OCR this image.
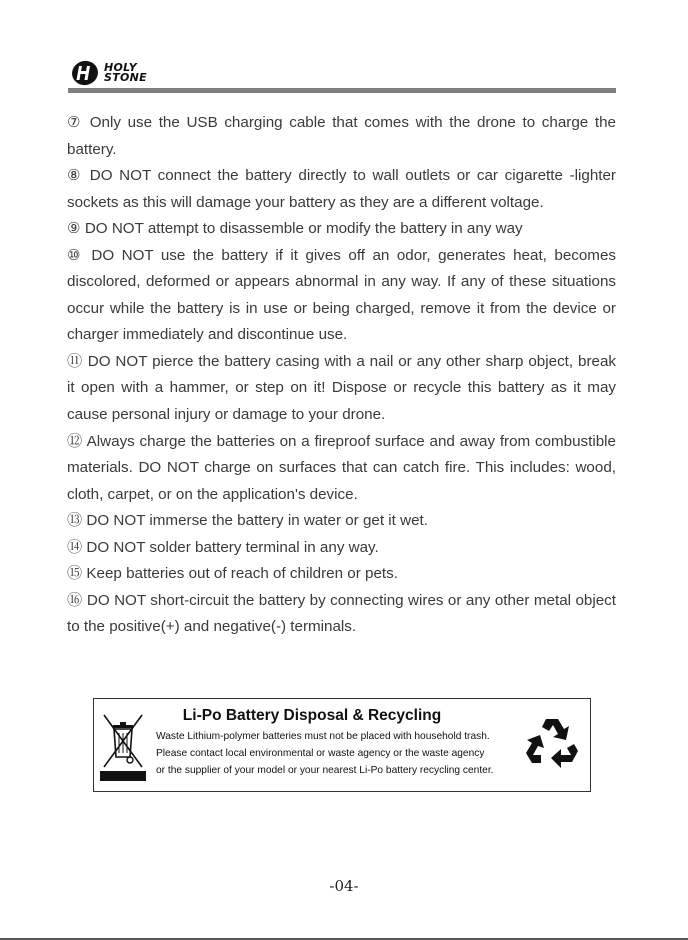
HOLY
STONE

⑦ Only use the USB charging cable that comes with the drone to charge the battery.

⑧ DO NOT connect the battery directly to wall outlets or car cigarette -lighter sockets as this will damage your battery as they are a different voltage.

⑨ DO NOT attempt to disassemble or modify the battery in any way

⑩ DO NOT use the battery if it gives off an odor, generates heat, becomes discolored, deformed or appears abnormal in any way. If any of these situations occur while the battery is in use or being charged, remove it from the device or charger immediately and discontinue use.

⑪ DO NOT pierce the battery casing with a nail or any other sharp object, break it open with a hammer, or step on it! Dispose or recycle this battery as it may cause personal injury or damage to your drone.

⑫ Always charge the batteries on a fireproof surface and away from combustible materials. DO NOT charge on surfaces that can catch fire. This includes: wood, cloth, carpet, or on the application's device.

⑬ DO NOT immerse the battery in water or get it wet.

⑭ DO NOT solder battery terminal in any way.

⑮ Keep batteries out of reach of children or pets.

⑯ DO NOT short-circuit the battery by connecting wires or any other metal object to the positive(+) and negative(-) terminals.

Li-Po Battery Disposal & Recycling
Waste Lithium-polymer batteries must not be placed with household trash.
Please contact local environmental or waste agency or the waste agency
or the supplier of your model or your nearest Li-Po battery recycling center.
-04-
